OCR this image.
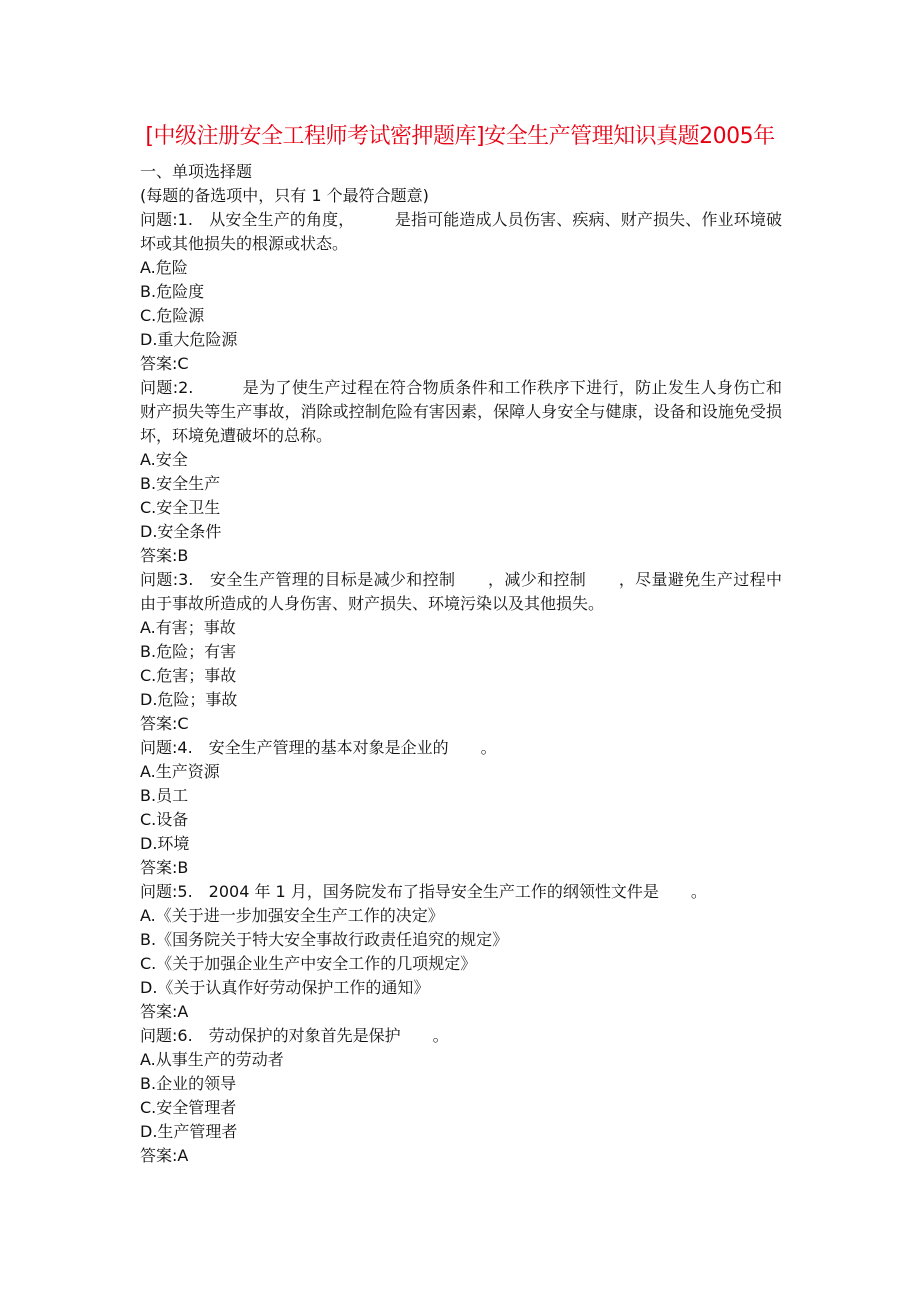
[中级注册安全工程师考试密押题库]安全生产管理知识真题2005年
一、单项选择题
(每题的备选项中，只有 1 个最符合题意)
问题:1.　从安全生产的角度，　　　是指可能造成人员伤害、疾病、财产损失、作业环境破坏或其他损失的根源或状态。
A.危险
B.危险度
C.危险源
D.重大危险源
答案:C
问题:2.　　　是为了使生产过程在符合物质条件和工作秩序下进行，防止发生人身伤亡和财产损失等生产事故，消除或控制危险有害因素，保障人身安全与健康，设备和设施免受损坏，环境免遭破坏的总称。
A.安全
B.安全生产
C.安全卫生
D.安全条件
答案:B
问题:3.　安全生产管理的目标是减少和控制　　，减少和控制　　，尽量避免生产过程中由于事故所造成的人身伤害、财产损失、环境污染以及其他损失。
A.有害；事故
B.危险；有害
C.危害；事故
D.危险；事故
答案:C
问题:4.　安全生产管理的基本对象是企业的　　。
A.生产资源
B.员工
C.设备
D.环境
答案:B
问题:5.　2004 年 1 月，国务院发布了指导安全生产工作的纲领性文件是　　。
A.《关于进一步加强安全生产工作的决定》
B.《国务院关于特大安全事故行政责任追究的规定》
C.《关于加强企业生产中安全工作的几项规定》
D.《关于认真作好劳动保护工作的通知》
答案:A
问题:6.　劳动保护的对象首先是保护　　。
A.从事生产的劳动者
B.企业的领导
C.安全管理者
D.生产管理者
答案:A
